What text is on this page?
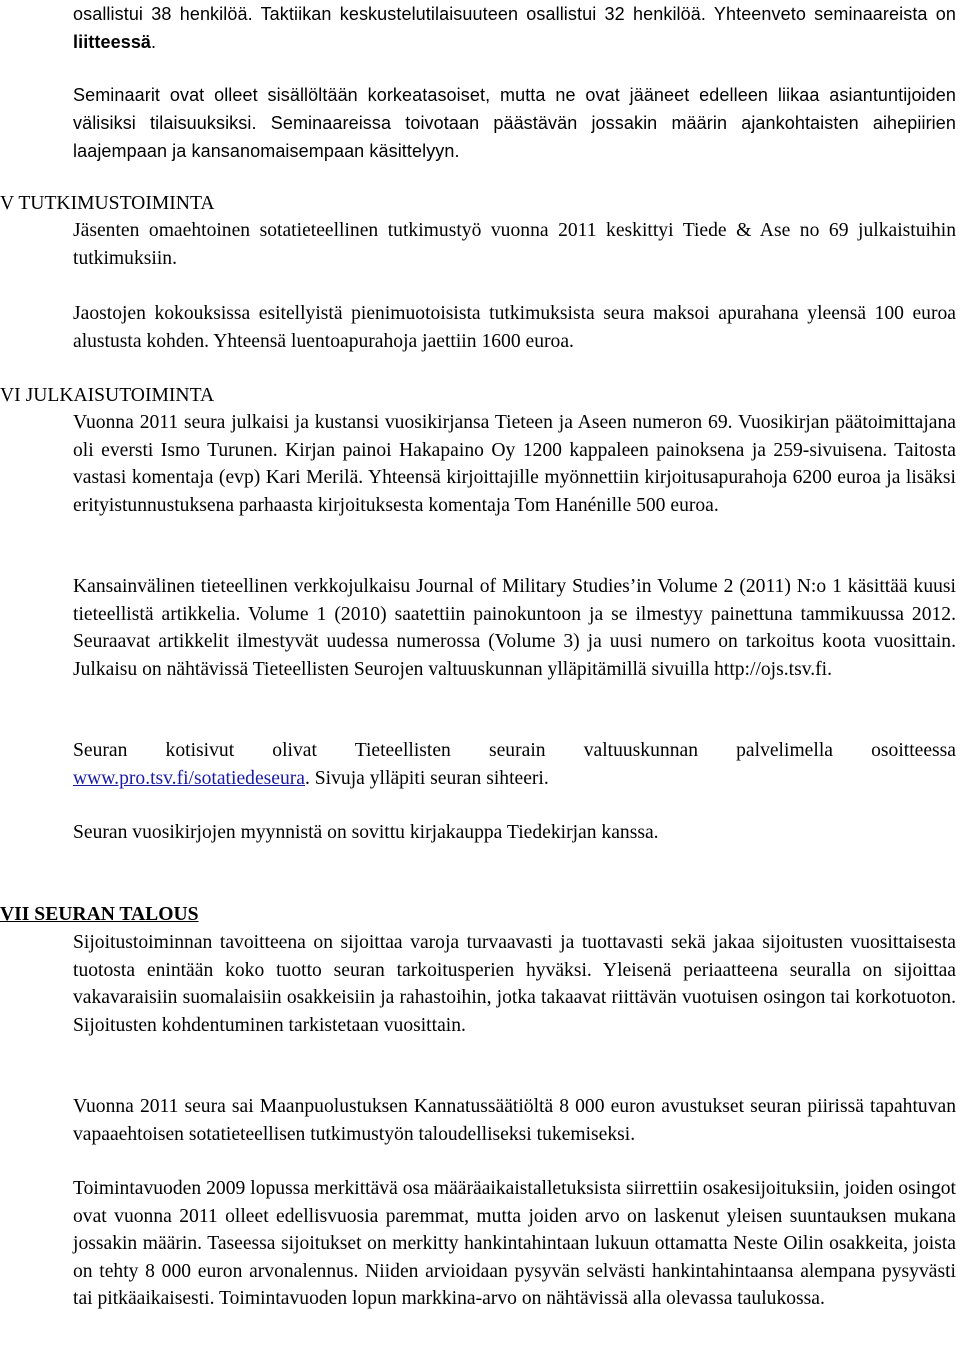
osallistui 38 henkilöä. Taktiikan keskustelutilaisuuteen osallistui 32 henkilöä. Yhteenveto seminaareista on liitteessä.

Seminaarit ovat olleet sisällöltään korkeatasoiset, mutta ne ovat jääneet edelleen liikaa asiantuntijoiden välisiksi tilaisuuksiksi. Seminaareissa toivotaan päästävän jossakin määrin ajankohtaisten aihepiirien laajempaan ja kansanomaisempaan käsittelyyn.

V TUTKIMUSTOIMINTA

Jäsenten omaehtoinen sotatieteellinen tutkimustyö vuonna 2011 keskittyi Tiede & Ase no 69 julkaistuihin tutkimuksiin.

Jaostojen kokouksissa esitellyistä pienimuotoisista tutkimuksista seura maksoi apurahana yleensä 100 euroa alustusta kohden. Yhteensä luentoapurahoja jaettiin 1600 euroa.

VI JULKAISUTOIMINTA

Vuonna 2011 seura julkaisi ja kustansi vuosikirjansa Tieteen ja Aseen numeron 69. Vuosikirjan päätoimittajana oli eversti Ismo Turunen. Kirjan painoi Hakapaino Oy 1200 kappaleen painoksena ja 259-sivuisena. Taitosta vastasi komentaja (evp) Kari Merilä. Yhteensä kirjoittajille myönnettiin kirjoitusapurahoja 6200 euroa ja lisäksi erityistunnustuksena parhaasta kirjoituksesta komentaja Tom Hanénille 500 euroa.

Kansainvälinen tieteellinen verkkojulkaisu Journal of Military Studies’in Volume 2 (2011) N:o 1 käsittää kuusi tieteellistä artikkelia. Volume 1 (2010) saatettiin painokuntoon ja se ilmestyy painettuna tammikuussa 2012. Seuraavat artikkelit ilmestyvät uudessa numerossa (Volume 3) ja uusi numero on tarkoitus koota vuosittain. Julkaisu on nähtävissä Tieteellisten Seurojen valtuuskunnan ylläpitämillä sivuilla http://ojs.tsv.fi.

Seuran kotisivut olivat Tieteellisten seurain valtuuskunnan palvelimella osoitteessa www.pro.tsv.fi/sotatiedeseura. Sivuja ylläpiti seuran sihteeri.

Seuran vuosikirjojen myynnistä on sovittu kirjakauppa Tiedekirjan kanssa.

VII SEURAN TALOUS

Sijoitustoiminnan tavoitteena on sijoittaa varoja turvaavasti ja tuottavasti sekä jakaa sijoitusten vuosittaisesta tuotosta enintään koko tuotto seuran tarkoitusperien hyväksi. Yleisenä periaatteena seuralla on sijoittaa vakavaraisiin suomalaisiin osakkeisiin ja rahastoihin, jotka takaavat riittävän vuotuisen osingon tai korkotuoton. Sijoitusten kohdentuminen tarkistetaan vuosittain.

Vuonna 2011 seura sai Maanpuolustuksen Kannatussäätiöltä 8 000 euron avustukset seuran piirissä tapahtuvan vapaaehtoisen sotatieteellisen tutkimustyön taloudelliseksi tukemiseksi.

Toimintavuoden 2009 lopussa merkittävä osa määräaikaistalletuksista siirrettiin osakesijoituksiin, joiden osingot ovat vuonna 2011 olleet edellisvuosia paremmat, mutta joiden arvo on laskenut yleisen suuntauksen mukana jossakin määrin. Taseessa sijoitukset on merkitty hankintahintaan lukuun ottamatta Neste Oilin osakkeita, joista on tehty 8 000 euron arvonalennus. Niiden arvioidaan pysyvän selvästi hankintahintaansa alempana pysyvästi tai pitkäaikaisesti. Toimintavuoden lopun markkina-arvo on nähtävissä alla olevassa taulukossa.
